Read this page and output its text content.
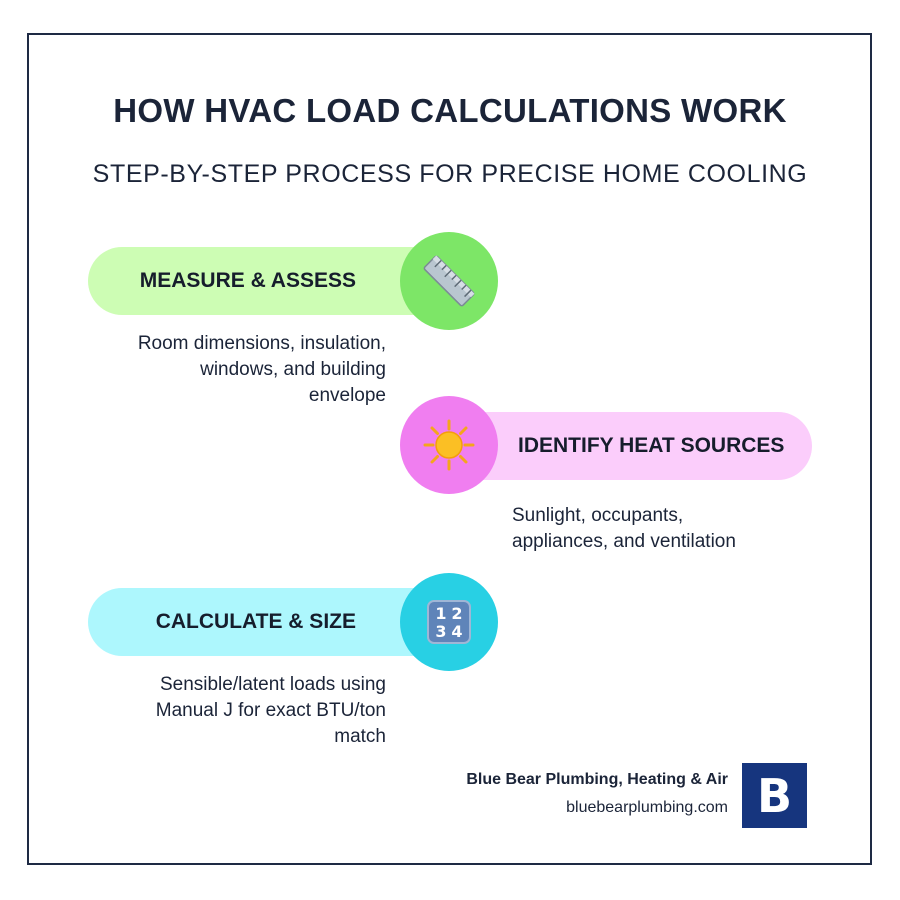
HOW HVAC LOAD CALCULATIONS WORK
STEP-BY-STEP PROCESS FOR PRECISE HOME COOLING
MEASURE & ASSESS
Room dimensions, insulation,
windows, and building
envelope
IDENTIFY HEAT SOURCES
Sunlight, occupants,
appliances, and ventilation
CALCULATE & SIZE	1 2
3 4
Sensible/latent loads using
Manual J for exact BTU/ton
match
Blue Bear Plumbing, Heating & Air
bluebearplumbing.com B
